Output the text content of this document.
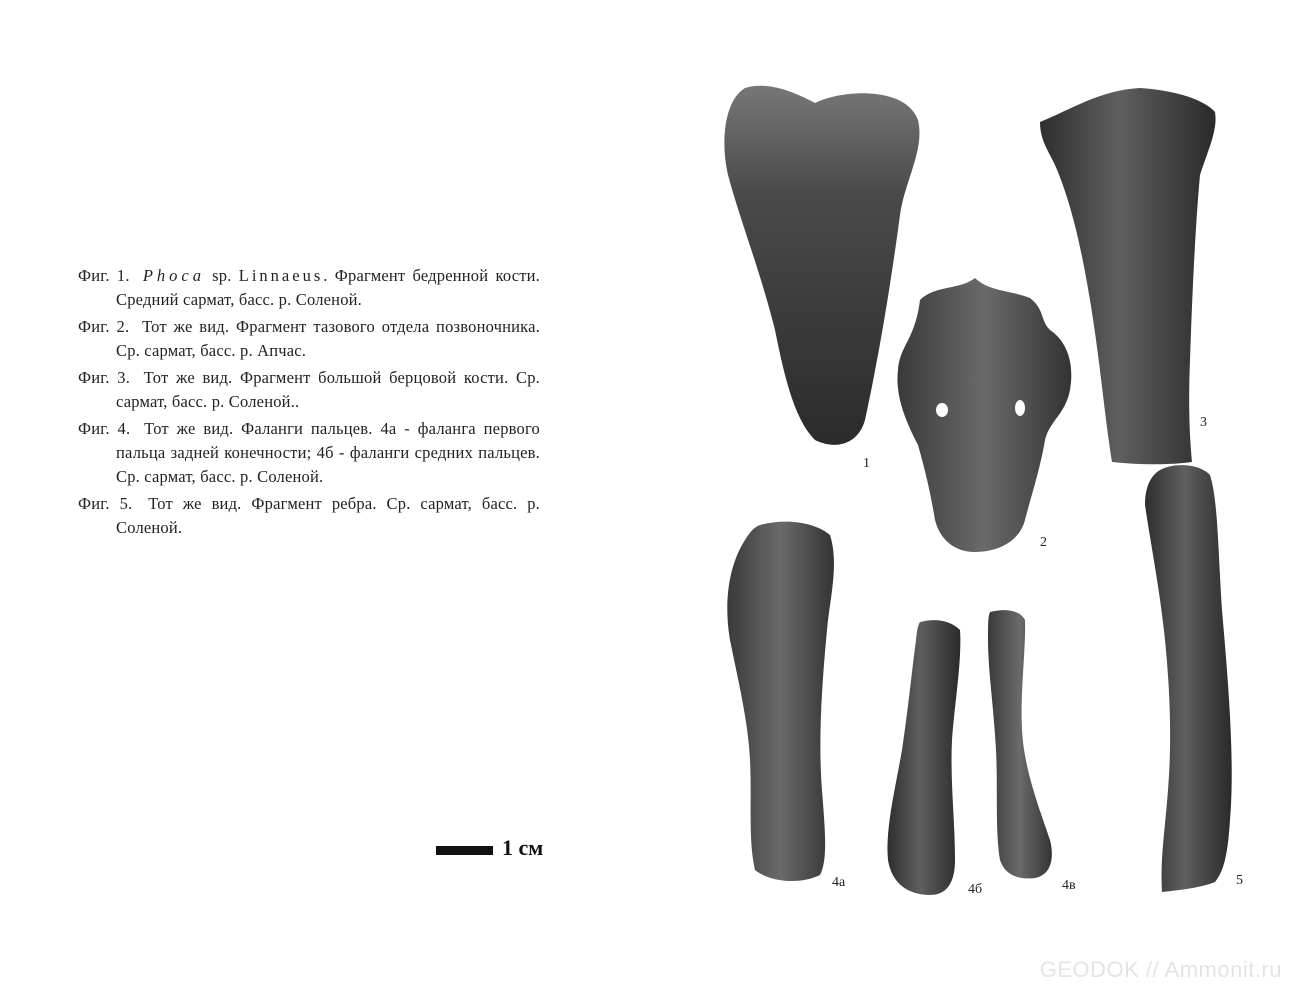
Фиг. 1. Phoca sp. Linnaeus. Фрагмент бедренной кости. Средний сармат, басс. р. Соленой.

Фиг. 2. Тот же вид. Фрагмент тазового отдела позвоночника. Ср. сармат, басс. р. Апчас.

Фиг. 3. Тот же вид. Фрагмент большой берцовой кости. Ср. сармат, басс. р. Соленой..

Фиг. 4. Тот же вид. Фаланги пальцев. 4а - фаланга первого пальца задней конечности; 4б - фаланги средних пальцев. Ср. сармат, басс. р. Соленой.

Фиг. 5. Тот же вид. Фрагмент ребра. Ср. сармат, басс. р. Соленой.

1 см
1
2
3
4а	4б	4в	5
GEODOK // Ammonit.ru
